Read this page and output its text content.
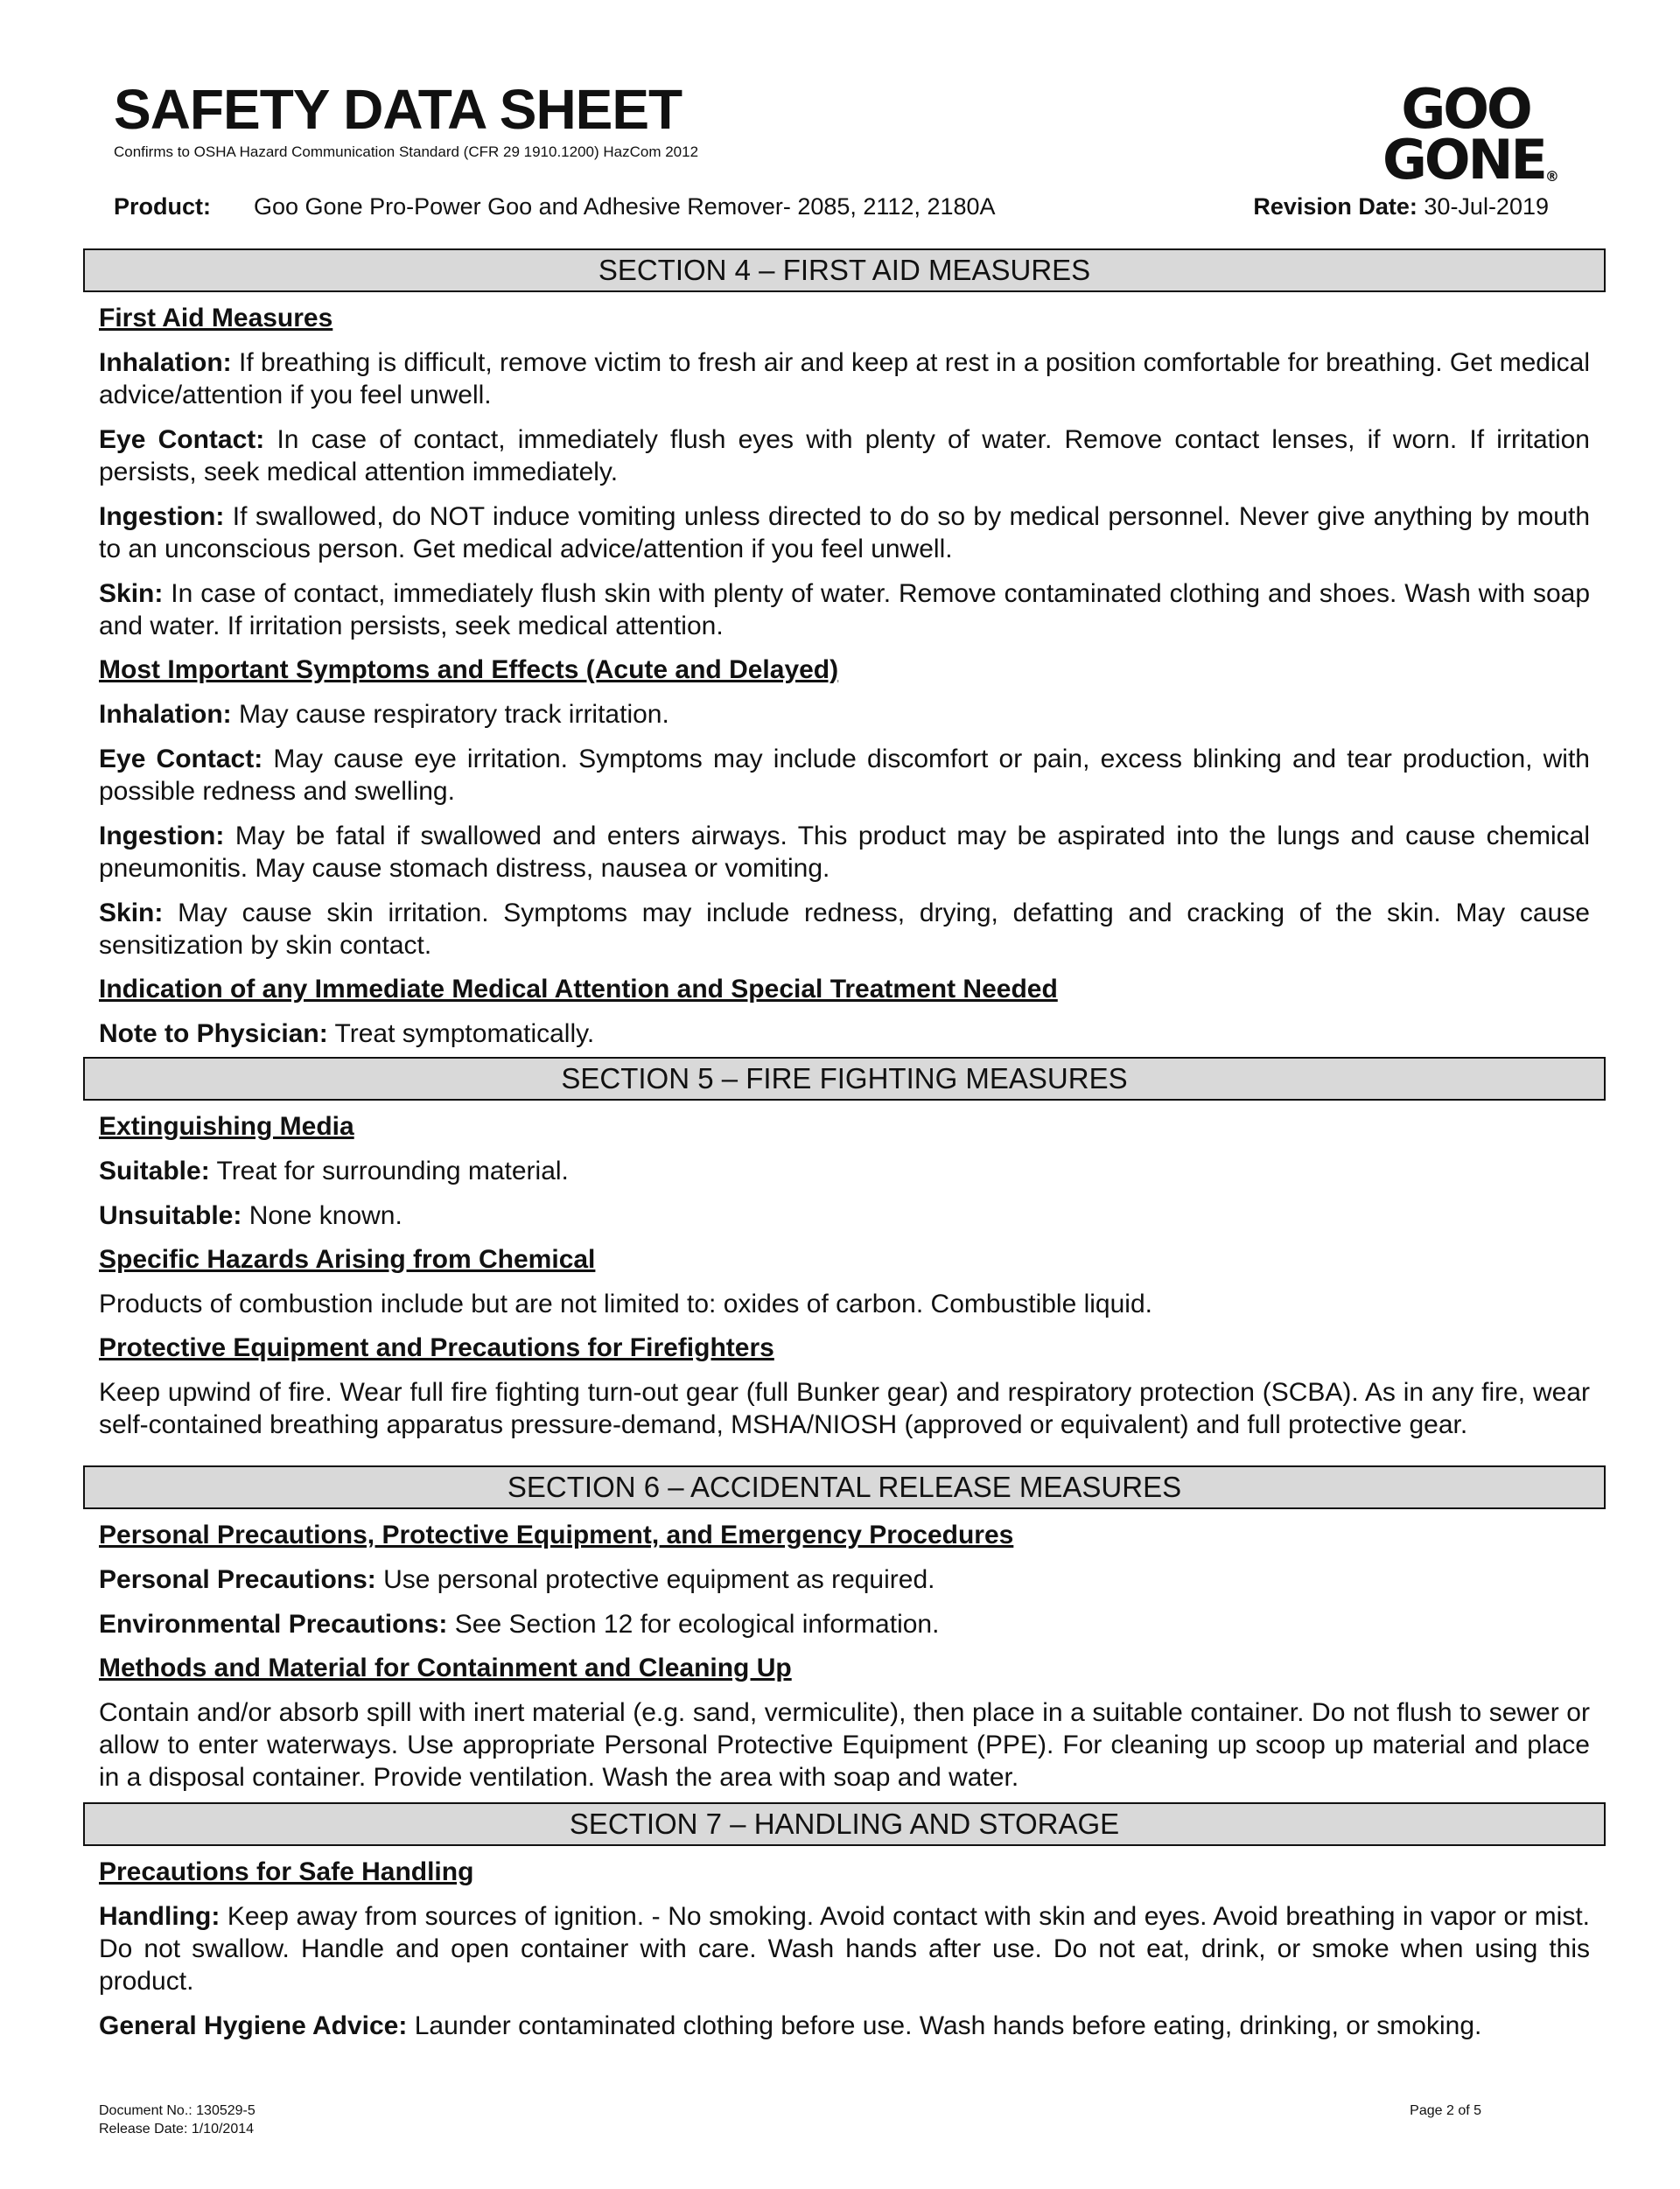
SAFETY DATA SHEET
Confirms to OSHA Hazard Communication Standard (CFR 29 1910.1200) HazCom 2012
GOO
GONE®
Product: Goo Gone Pro-Power Goo and Adhesive Remover- 2085, 2112, 2180A	Revision Date: 30-Jul-2019
SECTION 4 – FIRST AID MEASURES
First Aid Measures
Inhalation: If breathing is difficult, remove victim to fresh air and keep at rest in a position comfortable for breathing. Get medical advice/attention if you feel unwell.
Eye Contact: In case of contact, immediately flush eyes with plenty of water. Remove contact lenses, if worn. If irritation persists, seek medical attention immediately.
Ingestion: If swallowed, do NOT induce vomiting unless directed to do so by medical personnel. Never give anything by mouth to an unconscious person. Get medical advice/attention if you feel unwell.
Skin: In case of contact, immediately flush skin with plenty of water. Remove contaminated clothing and shoes. Wash with soap and water. If irritation persists, seek medical attention.
Most Important Symptoms and Effects (Acute and Delayed)
Inhalation: May cause respiratory track irritation.
Eye Contact: May cause eye irritation. Symptoms may include discomfort or pain, excess blinking and tear production, with possible redness and swelling.
Ingestion: May be fatal if swallowed and enters airways. This product may be aspirated into the lungs and cause chemical pneumonitis. May cause stomach distress, nausea or vomiting.
Skin: May cause skin irritation. Symptoms may include redness, drying, defatting and cracking of the skin. May cause sensitization by skin contact.
Indication of any Immediate Medical Attention and Special Treatment Needed
Note to Physician: Treat symptomatically.
SECTION 5 – FIRE FIGHTING MEASURES
Extinguishing Media
Suitable: Treat for surrounding material.
Unsuitable: None known.
Specific Hazards Arising from Chemical
Products of combustion include but are not limited to: oxides of carbon. Combustible liquid.
Protective Equipment and Precautions for Firefighters
Keep upwind of fire. Wear full fire fighting turn-out gear (full Bunker gear) and respiratory protection (SCBA). As in any fire, wear self-contained breathing apparatus pressure-demand, MSHA/NIOSH (approved or equivalent) and full protective gear.
SECTION 6 – ACCIDENTAL RELEASE MEASURES
Personal Precautions, Protective Equipment, and Emergency Procedures
Personal Precautions: Use personal protective equipment as required.
Environmental Precautions: See Section 12 for ecological information.
Methods and Material for Containment and Cleaning Up
Contain and/or absorb spill with inert material (e.g. sand, vermiculite), then place in a suitable container. Do not flush to sewer or allow to enter waterways. Use appropriate Personal Protective Equipment (PPE). For cleaning up scoop up material and place in a disposal container. Provide ventilation. Wash the area with soap and water.
SECTION 7 – HANDLING AND STORAGE
Precautions for Safe Handling
Handling: Keep away from sources of ignition. - No smoking. Avoid contact with skin and eyes. Avoid breathing in vapor or mist. Do not swallow. Handle and open container with care. Wash hands after use. Do not eat, drink, or smoke when using this product.
General Hygiene Advice: Launder contaminated clothing before use. Wash hands before eating, drinking, or smoking.
Document No.: 130529-5
Release Date: 1/10/2014
Page 2 of 5
